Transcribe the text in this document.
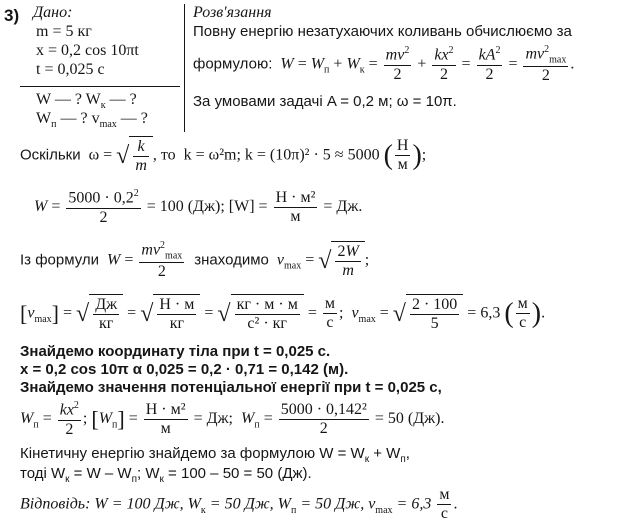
3) Дано:
m = 5 кг
x = 0,2 cos 10πt
t = 0,025 с
W — ? $W_к$ — ?
$W_п$ — ? $v_{max}$ — ?
Розв'язання
Повну енергію незатухаючих коливань обчислюємо за
формулою: $W = W_п + W_к = \frac{mv^2}{2} + \frac{kx^2}{2} = \frac{kA^2}{2} = \frac{mv^2_{max}}{2}$ .
За умовами задачі A = 0,2 м; ω = 10π.
Оскільки  ω = √ $\frac{k}{m}$ , то k = ω²m; k = (10π)² · 5 ≈ 5000 ( $\frac{Н}{м}$ );
$W = \frac{5000 \cdot 0,2^2}{2} = 100$ (Дж); $[W] = \frac{\text{Н · м²}}{м}$ = Дж.
Із формули $W = \frac{mv^2_{max}}{2}$ знаходимо $v_{max}$ = √ $\frac{2W}{m}$ ;
$[v_{max}]$ = √ $\frac{Дж}{кг}$ = √ $\frac{Н \cdot м}{кг}$ = √ $\frac{кг \cdot м \cdot м}{\text{с² · кг}} = \frac{м}{с}$ ;  $v_{max}$ = √ $\frac{2 \cdot 100}{5} = 6,3$ ( $\frac{м}{с}$ ).
Знайдемо координату тіла при t = 0,025 с.
x = 0,2 cos 10π α 0,025 = 0,2 · 0,71 = 0,142 (м).
Знайдемо значення потенціальної енергії при t = 0,025 с,
$W_п = \frac{kx^2}{2}$ ; $[W_п] = \frac{\text{Н · м²}}{м}$ = Дж;  $W_п = \frac{\text{5000 · 0,142²}}{2} = 50$ (Дж).
Кінетичну енергію знайдемо за формулою $W = W_к + W_п$,
тоді $W_к = W - W_п$; $W_к = 100 - 50 = 50$ (Дж).
Відповідь: W = 100 Дж, $W_к = 50$ Дж, $W_п = 50$ Дж, $v_{max} = 6,3 \frac{м}{с}$ .
